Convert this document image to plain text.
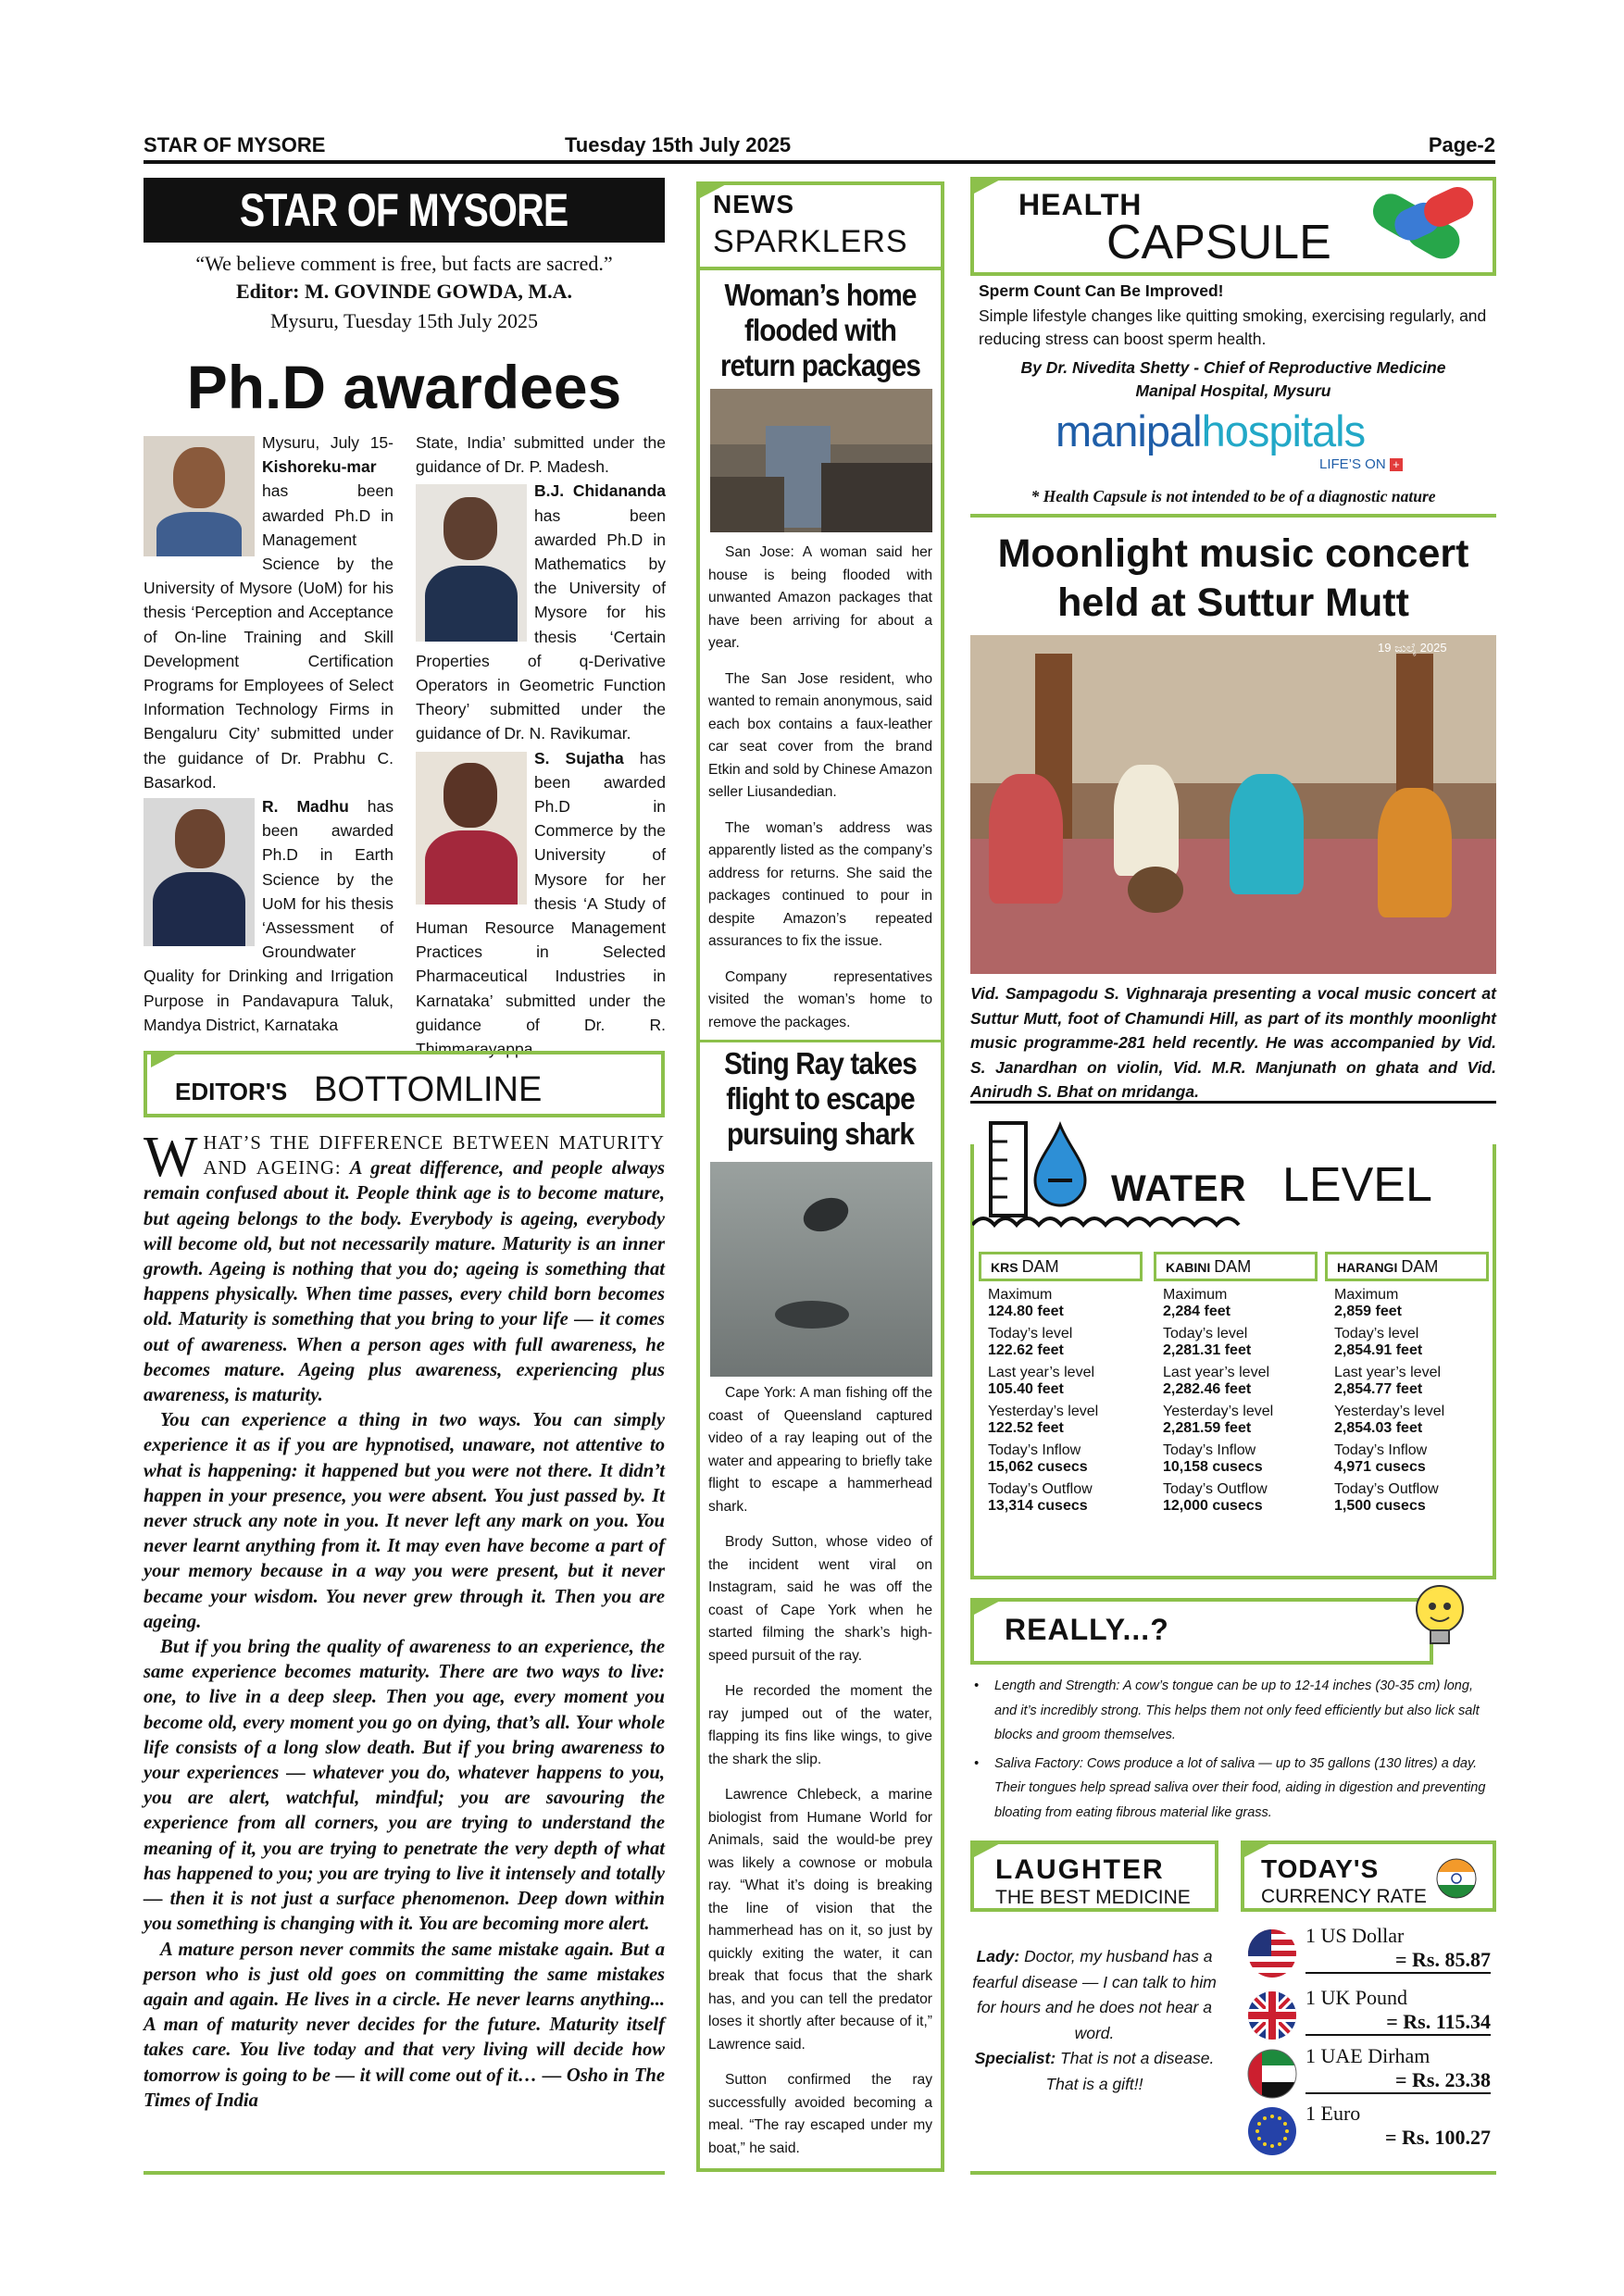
STAR OF MYSORE	Tuesday 15th July 2025	Page-2
STAR OF MYSORE
“We believe comment is free, but facts are sacred.”
Editor: M. GOVINDE GOWDA, M.A.
Mysuru, Tuesday 15th July 2025
Ph.D awardees
Mysuru, July 15- Kishoreku-mar has been awarded Ph.D in Management Science by the University of Mysore (UoM) for his thesis ‘Perception and Acceptance of On-line Training and Skill Development Certification Programs for Employees of Select Information Technology Firms in Bengaluru City’ submitted under the guidance of Dr. Prabhu C. Basarkod.
R. Madhu has been awarded Ph.D in Earth Science by the UoM for his thesis ‘Assessment of Groundwater Quality for Drinking and Irrigation Purpose in Pandavapura Taluk, Mandya District, Karnataka
State, India’ submitted under the guidance of Dr. P. Madesh.

B.J. Chidananda has been awarded Ph.D in Mathematics by the University of Mysore for his thesis ‘Certain Properties of q-Derivative Operators in Geometric Function Theory’ submitted under the guidance of Dr. N. Ravikumar.
S. Sujatha has been awarded Ph.D in Commerce by the University of Mysore for her thesis ‘A Study of Human Resource Management Practices in Selected Pharmaceutical Industries in Karnataka’ submitted under the guidance of Dr. R. Thimmarayappa.
EDITOR'S BOTTOMLINE
WHAT’S THE DIFFERENCE BETWEEN MATURITY AND AGEING: A great difference, and people always remain confused about it. People think age is to become mature, but ageing belongs to the body. Everybody is ageing, everybody will become old, but not necessarily mature. Maturity is an inner growth. Ageing is nothing that you do; ageing is something that happens physically. When time passes, every child born becomes old. Maturity is something that you bring to your life — it comes out of awareness. When a person ages with full awareness, he becomes mature. Ageing plus awareness, experiencing plus awareness, is maturity.
You can experience a thing in two ways. You can simply experience it as if you are hypnotised, unaware, not attentive to what is happening: it happened but you were not there. It didn’t happen in your presence, you were absent. You just passed by. It never struck any note in you. It never left any mark on you. You never learnt anything from it. It may even have become a part of your memory because in a way you were present, but it never became your wisdom. You never grew through it. Then you are ageing.
But if you bring the quality of awareness to an experience, the same experience becomes maturity. There are two ways to live: one, to live in a deep sleep. Then you age, every moment you become old, every moment you go on dying, that’s all. Your whole life consists of a long slow death. But if you bring awareness to your experiences — whatever you do, whatever happens to you, you are alert, watchful, mindful; you are savouring the experience from all corners, you are trying to understand the meaning of it, you are trying to penetrate the very depth of what has happened to you; you are trying to live it intensely and totally — then it is not just a surface phenomenon. Deep down within you something is changing with it. You are becoming more alert.
A mature person never commits the same mistake again. But a person who is just old goes on committing the same mistakes again and again. He lives in a circle. He never learns anything... A man of maturity never decides for the future. Maturity itself takes care. You live today and that very living will decide how tomorrow is going to be — it will come out of it… — Osho in The Times of India
NEWS
SPARKLERS
Woman’s home flooded with return packages
San Jose: A woman said her house is being flooded with unwanted Amazon packages that have been arriving for about a year.
The San Jose resident, who wanted to remain anonymous, said each box contains a faux-leather car seat cover from the brand Etkin and sold by Chinese Amazon seller Liusandedian.
The woman’s address was apparently listed as the company’s address for returns. She said the packages continued to pour in despite Amazon’s repeated assurances to fix the issue.
Company representatives visited the woman’s home to remove the packages.
Sting Ray takes flight to escape pursuing shark
Cape York: A man fishing off the coast of Queensland captured video of a ray leaping out of the water and appearing to briefly take flight to escape a hammerhead shark.
Brody Sutton, whose video of the incident went viral on Instagram, said he was off the coast of Cape York when he started filming the shark’s high-speed pursuit of the ray.
He recorded the moment the ray jumped out of the water, flapping its fins like wings, to give the shark the slip.
Lawrence Chlebeck, a marine biologist from Humane World for Animals, said the would-be prey was likely a cownose or mobula ray. “What it’s doing is breaking the line of vision that the hammerhead has on it, so just by quickly exiting the water, it can break that focus that the shark has, and you can tell the predator loses it shortly after because of it,” Lawrence said.
Sutton confirmed the ray successfully avoided becoming a meal. “The ray escaped under my boat,” he said.
HEALTH
CAPSULE
Sperm Count Can Be Improved!
Simple lifestyle changes like quitting smoking, exercising regularly, and reducing stress can boost sperm health.
By Dr. Nivedita Shetty - Chief of Reproductive Medicine
Manipal Hospital, Mysuru
manipalhospitals
LIFE’S ON +
* Health Capsule is not intended to be of a diagnostic nature
Moonlight music concert held at Suttur Mutt
19 ಜುಲೈ 2025
Vid. Sampagodu S. Vighnaraja presenting a vocal music concert at Suttur Mutt, foot of Chamundi Hill, as part of its monthly moonlight music programme-281 held recently. He was accompanied by Vid. S. Janardhan on violin, Vid. M.R. Manjunath on ghata and Vid. Anirudh S. Bhat on mridanga.
WATER LEVEL
KRS DAM
Maximum
124.80 feet
Today’s level
122.62 feet
Last year’s level
105.40 feet
Yesterday’s level
122.52 feet
Today’s Inflow
15,062 cusecs
Today’s Outflow
13,314 cusecs
KABINI DAM
Maximum
2,284 feet
Today’s level
2,281.31 feet
Last year’s level
2,282.46 feet
Yesterday’s level
2,281.59 feet
Today’s Inflow
10,158 cusecs
Today’s Outflow
12,000 cusecs
HARANGI DAM
Maximum
2,859 feet
Today’s level
2,854.91 feet
Last year’s level
2,854.77 feet
Yesterday’s level
2,854.03 feet
Today’s Inflow
4,971 cusecs
Today’s Outflow
1,500 cusecs
REALLY...?
• Length and Strength: A cow’s tongue can be up to 12-14 inches (30-35 cm) long, and it’s incredibly strong. This helps them not only feed efficiently but also lick salt blocks and groom themselves.
• Saliva Factory: Cows produce a lot of saliva — up to 35 gallons (130 litres) a day. Their tongues help spread saliva over their food, aiding in digestion and preventing bloating from eating fibrous material like grass.
LAUGHTER
THE BEST MEDICINE
Lady: Doctor, my husband has a fearful disease — I can talk to him for hours and he does not hear a word.
Specialist: That is not a disease. That is a gift!!
TODAY'S
CURRENCY RATE
1 US Dollar
= Rs. 85.87
1 UK Pound
= Rs. 115.34
1 UAE Dirham
= Rs. 23.38
1 Euro
= Rs. 100.27
